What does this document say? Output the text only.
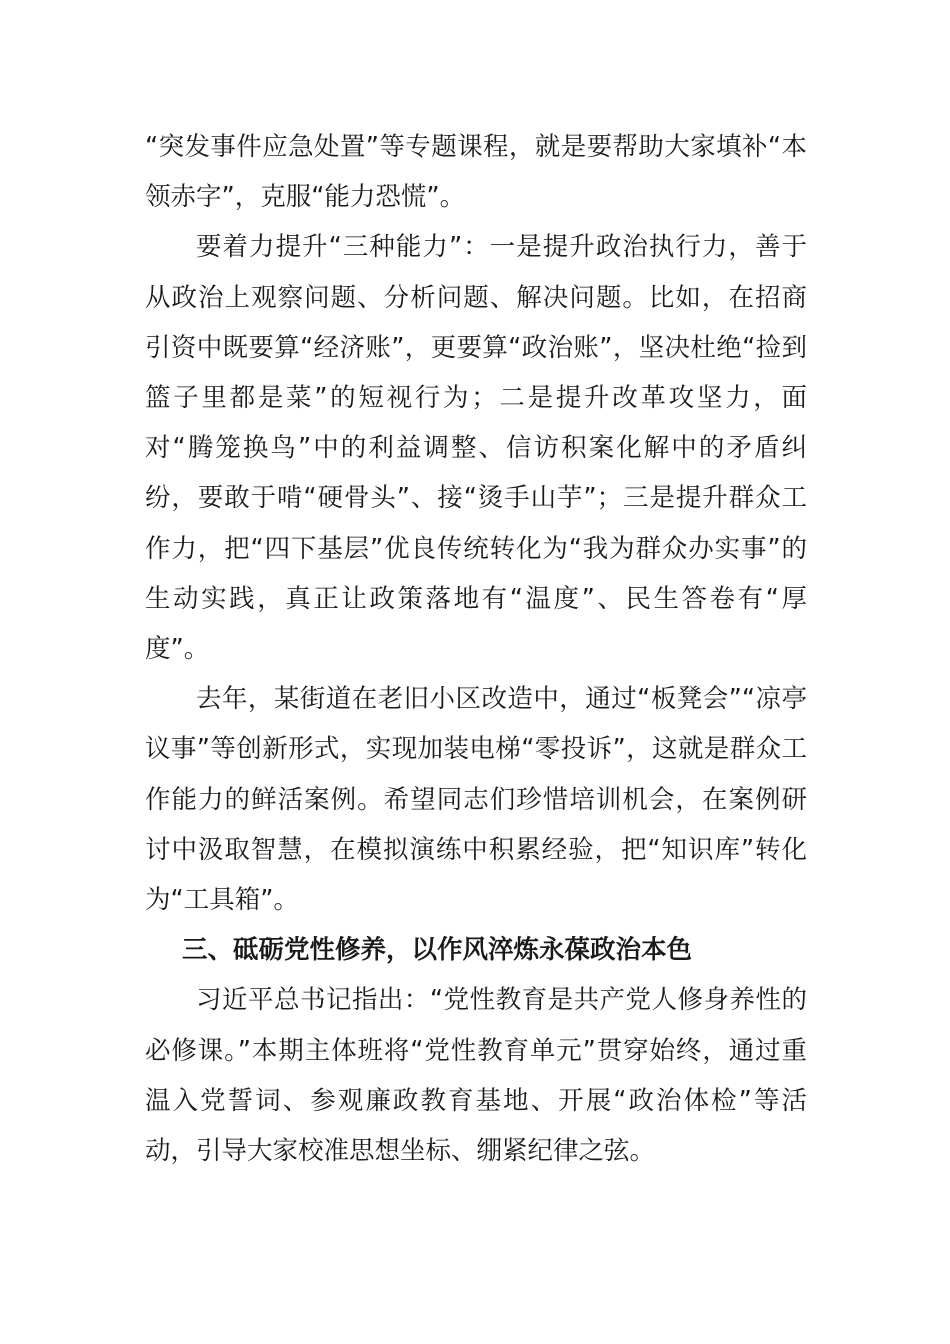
“突发事件应急处置”等专题课程，就是要帮助大家填补“本领赤字”，克服“能力恐慌”。

要着力提升“三种能力”：一是提升政治执行力，善于从政治上观察问题、分析问题、解决问题。比如，在招商引资中既要算“经济账”，更要算“政治账”，坚决杜绝“捡到篮子里都是菜”的短视行为；二是提升改革攻坚力，面对“腾笼换鸟”中的利益调整、信访积案化解中的矛盾纠纷，要敢于啃“硬骨头”、接“烫手山芋”；三是提升群众工作力，把“四下基层”优良传统转化为“我为群众办实事”的生动实践，真正让政策落地有“温度”、民生答卷有“厚度”。

去年，某街道在老旧小区改造中，通过“板凳会”“凉亭议事”等创新形式，实现加装电梯“零投诉”，这就是群众工作能力的鲜活案例。希望同志们珍惜培训机会，在案例研讨中汲取智慧，在模拟演练中积累经验，把“知识库”转化为“工具箱”。

三、砥砺党性修养，以作风淬炼永葆政治本色

习近平总书记指出：“党性教育是共产党人修身养性的必修课。”本期主体班将“党性教育单元”贯穿始终，通过重温入党誓词、参观廉政教育基地、开展“政治体检”等活动，引导大家校准思想坐标、绷紧纪律之弦。
